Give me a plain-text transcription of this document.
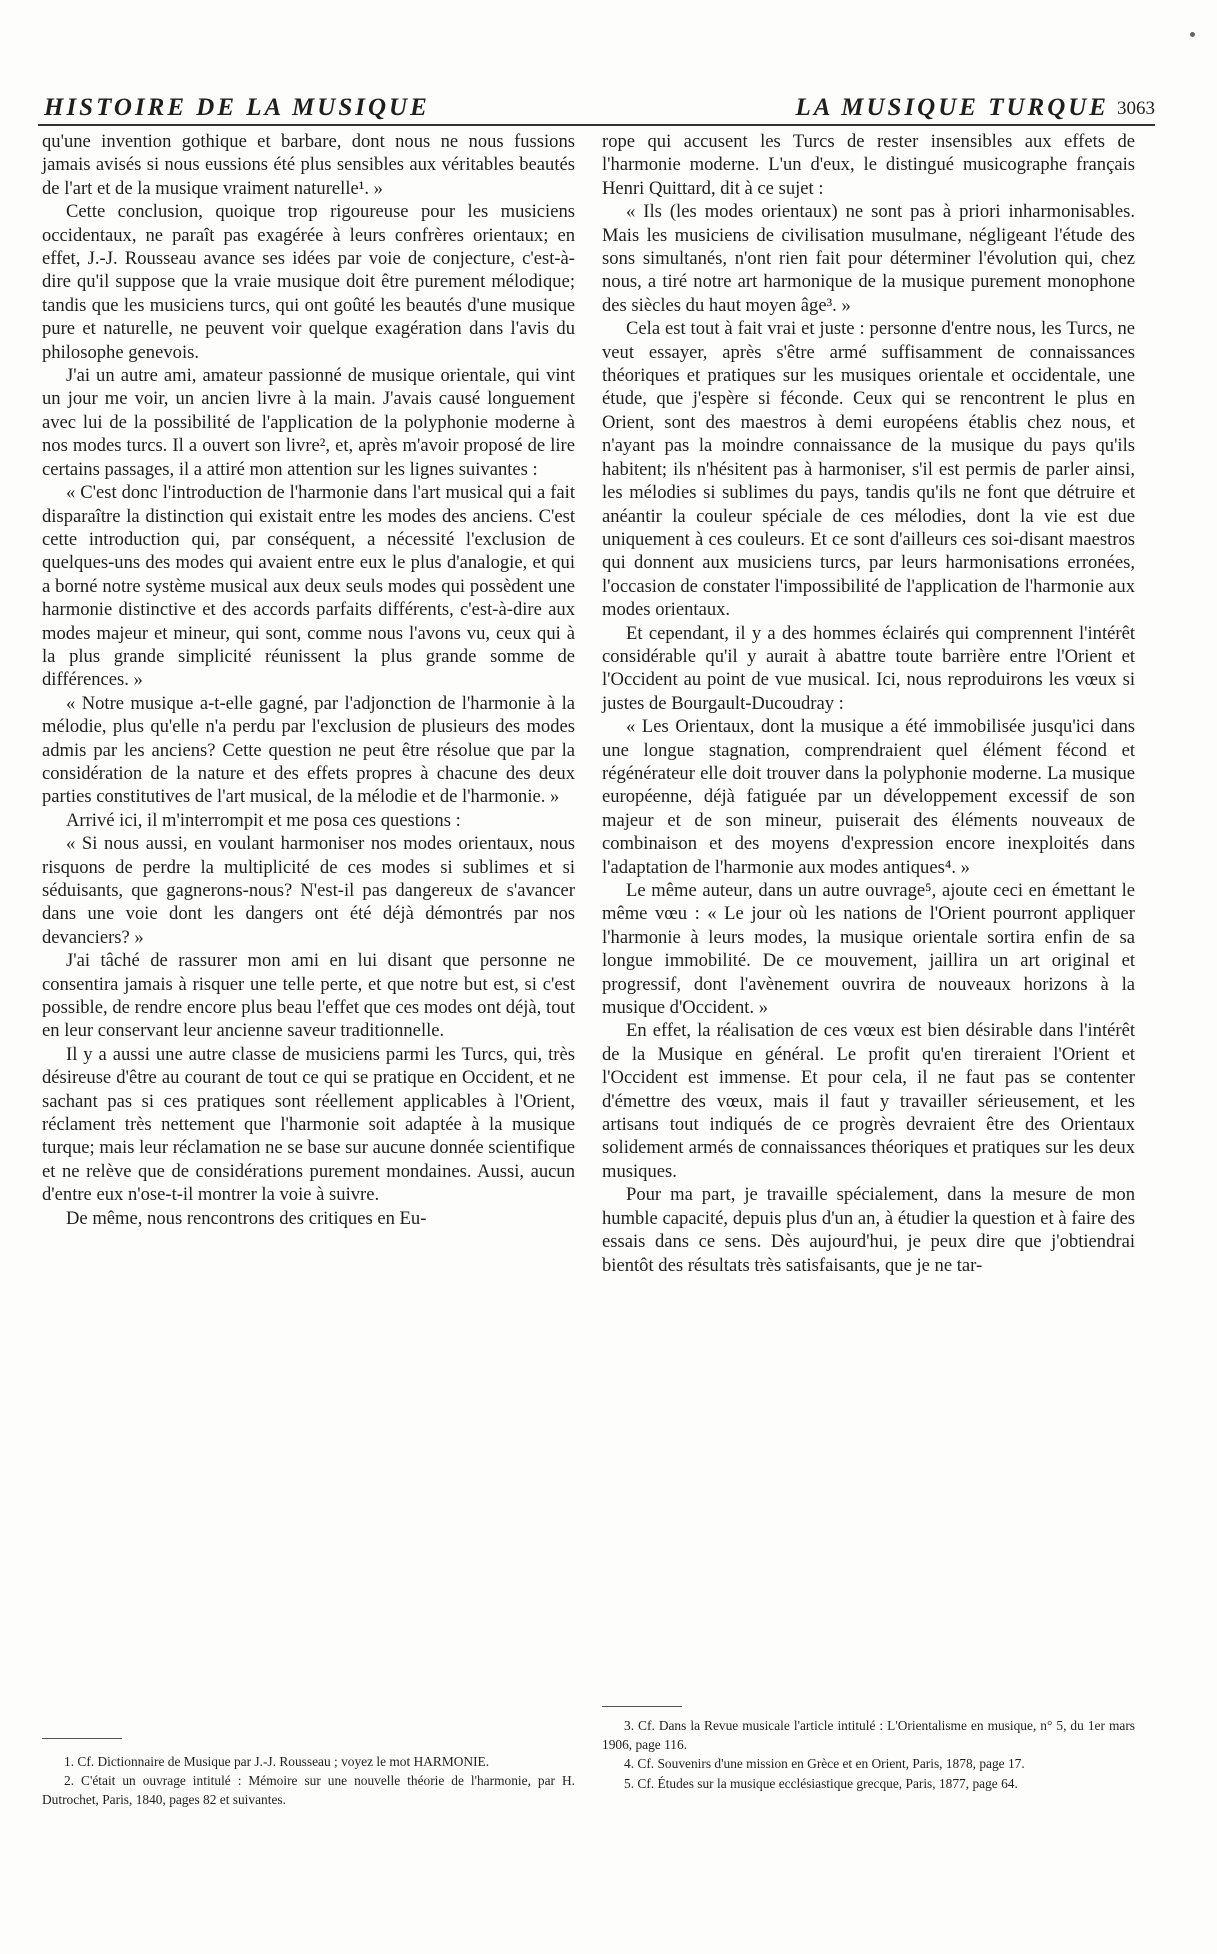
HISTOIRE DE LA MUSIQUE	LA MUSIQUE TURQUE 3063

qu'une invention gothique et barbare, dont nous ne nous fussions jamais avisés si nous eussions été plus sensibles aux véritables beautés de l'art et de la musique vraiment naturelle¹. »

Cette conclusion, quoique trop rigoureuse pour les musiciens occidentaux, ne paraît pas exagérée à leurs confrères orientaux; en effet, J.-J. Rousseau avance ses idées par voie de conjecture, c'est-à-dire qu'il suppose que la vraie musique doit être purement mélodique; tandis que les musiciens turcs, qui ont goûté les beautés d'une musique pure et naturelle, ne peuvent voir quelque exagération dans l'avis du philosophe genevois.

J'ai un autre ami, amateur passionné de musique orientale, qui vint un jour me voir, un ancien livre à la main. J'avais causé longuement avec lui de la possibilité de l'application de la polyphonie moderne à nos modes turcs. Il a ouvert son livre², et, après m'avoir proposé de lire certains passages, il a attiré mon attention sur les lignes suivantes :

« C'est donc l'introduction de l'harmonie dans l'art musical qui a fait disparaître la distinction qui existait entre les modes des anciens. C'est cette introduction qui, par conséquent, a nécessité l'exclusion de quelques-uns des modes qui avaient entre eux le plus d'analogie, et qui a borné notre système musical aux deux seuls modes qui possèdent une harmonie distinctive et des accords parfaits différents, c'est-à-dire aux modes majeur et mineur, qui sont, comme nous l'avons vu, ceux qui à la plus grande simplicité réunissent la plus grande somme de différences. »

« Notre musique a-t-elle gagné, par l'adjonction de l'harmonie à la mélodie, plus qu'elle n'a perdu par l'exclusion de plusieurs des modes admis par les anciens? Cette question ne peut être résolue que par la considération de la nature et des effets propres à chacune des deux parties constitutives de l'art musical, de la mélodie et de l'harmonie. »

Arrivé ici, il m'interrompit et me posa ces questions :

« Si nous aussi, en voulant harmoniser nos modes orientaux, nous risquons de perdre la multiplicité de ces modes si sublimes et si séduisants, que gagnerons-nous? N'est-il pas dangereux de s'avancer dans une voie dont les dangers ont été déjà démontrés par nos devanciers? »

J'ai tâché de rassurer mon ami en lui disant que personne ne consentira jamais à risquer une telle perte, et que notre but est, si c'est possible, de rendre encore plus beau l'effet que ces modes ont déjà, tout en leur conservant leur ancienne saveur traditionnelle.

Il y a aussi une autre classe de musiciens parmi les Turcs, qui, très désireuse d'être au courant de tout ce qui se pratique en Occident, et ne sachant pas si ces pratiques sont réellement applicables à l'Orient, réclament très nettement que l'harmonie soit adaptée à la musique turque; mais leur réclamation ne se base sur aucune donnée scientifique et ne relève que de considérations purement mondaines. Aussi, aucun d'entre eux n'ose-t-il montrer la voie à suivre.

De même, nous rencontrons des critiques en Eu-

1. Cf. Dictionnaire de Musique par J.-J. Rousseau ; voyez le mot HARMONIE.

2. C'était un ouvrage intitulé : Mémoire sur une nouvelle théorie de l'harmonie, par H. Dutrochet, Paris, 1840, pages 82 et suivantes.

rope qui accusent les Turcs de rester insensibles aux effets de l'harmonie moderne. L'un d'eux, le distingué musicographe français Henri Quittard, dit à ce sujet :

« Ils (les modes orientaux) ne sont pas à priori inharmonisables. Mais les musiciens de civilisation musulmane, négligeant l'étude des sons simultanés, n'ont rien fait pour déterminer l'évolution qui, chez nous, a tiré notre art harmonique de la musique purement monophone des siècles du haut moyen âge³. »

Cela est tout à fait vrai et juste : personne d'entre nous, les Turcs, ne veut essayer, après s'être armé suffisamment de connaissances théoriques et pratiques sur les musiques orientale et occidentale, une étude, que j'espère si féconde. Ceux qui se rencontrent le plus en Orient, sont des maestros à demi européens établis chez nous, et n'ayant pas la moindre connaissance de la musique du pays qu'ils habitent; ils n'hésitent pas à harmoniser, s'il est permis de parler ainsi, les mélodies si sublimes du pays, tandis qu'ils ne font que détruire et anéantir la couleur spéciale de ces mélodies, dont la vie est due uniquement à ces couleurs. Et ce sont d'ailleurs ces soi-disant maestros qui donnent aux musiciens turcs, par leurs harmonisations erronées, l'occasion de constater l'impossibilité de l'application de l'harmonie aux modes orientaux.

Et cependant, il y a des hommes éclairés qui comprennent l'intérêt considérable qu'il y aurait à abattre toute barrière entre l'Orient et l'Occident au point de vue musical. Ici, nous reproduirons les vœux si justes de Bourgault-Ducoudray :

« Les Orientaux, dont la musique a été immobilisée jusqu'ici dans une longue stagnation, comprendraient quel élément fécond et régénérateur elle doit trouver dans la polyphonie moderne. La musique européenne, déjà fatiguée par un développement excessif de son majeur et de son mineur, puiserait des éléments nouveaux de combinaison et des moyens d'expression encore inexploités dans l'adaptation de l'harmonie aux modes antiques⁴. »

Le même auteur, dans un autre ouvrage⁵, ajoute ceci en émettant le même vœu : « Le jour où les nations de l'Orient pourront appliquer l'harmonie à leurs modes, la musique orientale sortira enfin de sa longue immobilité. De ce mouvement, jaillira un art original et progressif, dont l'avènement ouvrira de nouveaux horizons à la musique d'Occident. »

En effet, la réalisation de ces vœux est bien désirable dans l'intérêt de la Musique en général. Le profit qu'en tireraient l'Orient et l'Occident est immense. Et pour cela, il ne faut pas se contenter d'émettre des vœux, mais il faut y travailler sérieusement, et les artisans tout indiqués de ce progrès devraient être des Orientaux solidement armés de connaissances théoriques et pratiques sur les deux musiques.

Pour ma part, je travaille spécialement, dans la mesure de mon humble capacité, depuis plus d'un an, à étudier la question et à faire des essais dans ce sens. Dès aujourd'hui, je peux dire que j'obtiendrai bientôt des résultats très satisfaisants, que je ne tar-

3. Cf. Dans la Revue musicale l'article intitulé : L'Orientalisme en musique, n° 5, du 1er mars 1906, page 116.

4. Cf. Souvenirs d'une mission en Grèce et en Orient, Paris, 1878, page 17.

5. Cf. Études sur la musique ecclésiastique grecque, Paris, 1877, page 64.
